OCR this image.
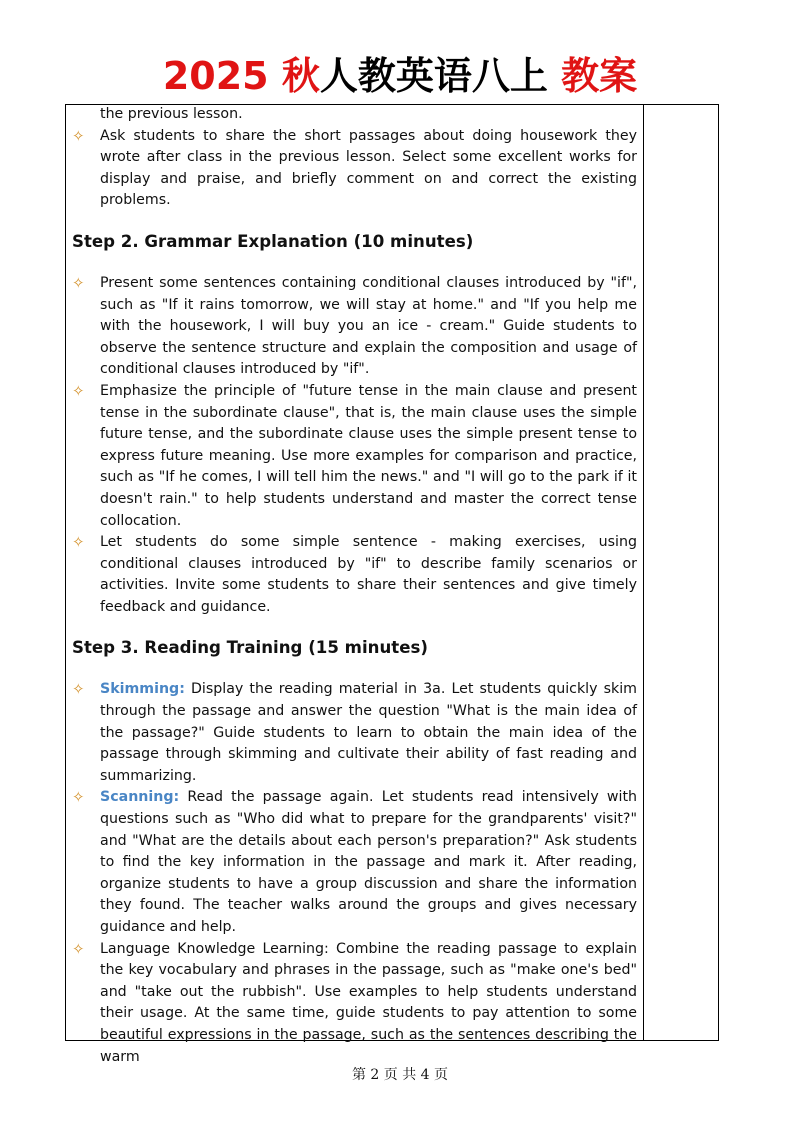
2025 秋人教英语八上 教案
the previous lesson.
✧	Ask students to share the short passages about doing housework they wrote after class in the previous lesson. Select some excellent works for display and praise, and briefly comment on and correct the existing problems.
Step 2. Grammar Explanation (10 minutes)
✧	Present some sentences containing conditional clauses introduced by "if", such as "If it rains tomorrow, we will stay at home." and "If you help me with the housework, I will buy you an ice - cream." Guide students to observe the sentence structure and explain the composition and usage of conditional clauses introduced by "if".
✧	Emphasize the principle of "future tense in the main clause and present tense in the subordinate clause", that is, the main clause uses the simple future tense, and the subordinate clause uses the simple present tense to express future meaning. Use more examples for comparison and practice, such as "If he comes, I will tell him the news." and "I will go to the park if it doesn't rain." to help students understand and master the correct tense collocation.
✧	Let students do some simple sentence - making exercises, using conditional clauses introduced by "if" to describe family scenarios or activities. Invite some students to share their sentences and give timely feedback and guidance.
Step 3. Reading Training (15 minutes)
✧	Skimming: Display the reading material in 3a. Let students quickly skim through the passage and answer the question "What is the main idea of the passage?" Guide students to learn to obtain the main idea of the passage through skimming and cultivate their ability of fast reading and summarizing.
✧	Scanning: Read the passage again. Let students read intensively with questions such as "Who did what to prepare for the grandparents' visit?" and "What are the details about each person's preparation?" Ask students to find the key information in the passage and mark it. After reading, organize students to have a group discussion and share the information they found. The teacher walks around the groups and gives necessary guidance and help.
✧	Language Knowledge Learning: Combine the reading passage to explain the key vocabulary and phrases in the passage, such as "make one's bed" and "take out the rubbish". Use examples to help students understand their usage. At the same time, guide students to pay attention to some beautiful expressions in the passage, such as the sentences describing the warm
第 2 页 共 4 页
